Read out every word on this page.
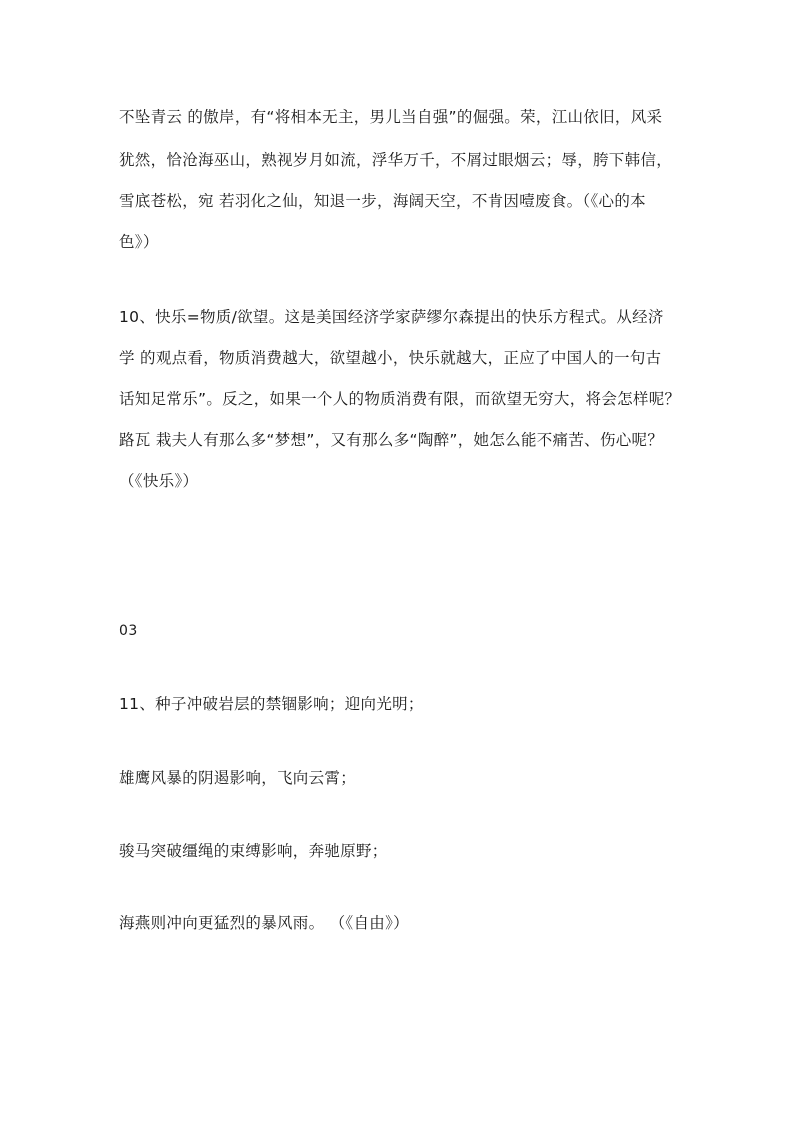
不坠青云 的傲岸，有“将相本无主，男儿当自强”的倔强。荣，江山依旧，风采
犹然，恰沧海巫山，熟视岁月如流，浮华万千，不屑过眼烟云；辱，胯下韩信，
雪底苍松，宛 若羽化之仙，知退一步，海阔天空，不肯因噎废食。（《心的本
色》）
10、快乐=物质/欲望。这是美国经济学家萨缪尔森提出的快乐方程式。从经济
学 的观点看，物质消费越大，欲望越小，快乐就越大，正应了中国人的一句古
话知足常乐”。反之，如果一个人的物质消费有限，而欲望无穷大，将会怎样呢？
路瓦 栽夫人有那么多“梦想”，又有那么多“陶醉”，她怎么能不痛苦、伤心呢？
（《快乐》）
03
11、种子冲破岩层的禁锢影响；迎向光明；
雄鹰风暴的阴遏影响，飞向云霄；
骏马突破缰绳的束缚影响，奔驰原野；
海燕则冲向更猛烈的暴风雨。 （《自由》）
